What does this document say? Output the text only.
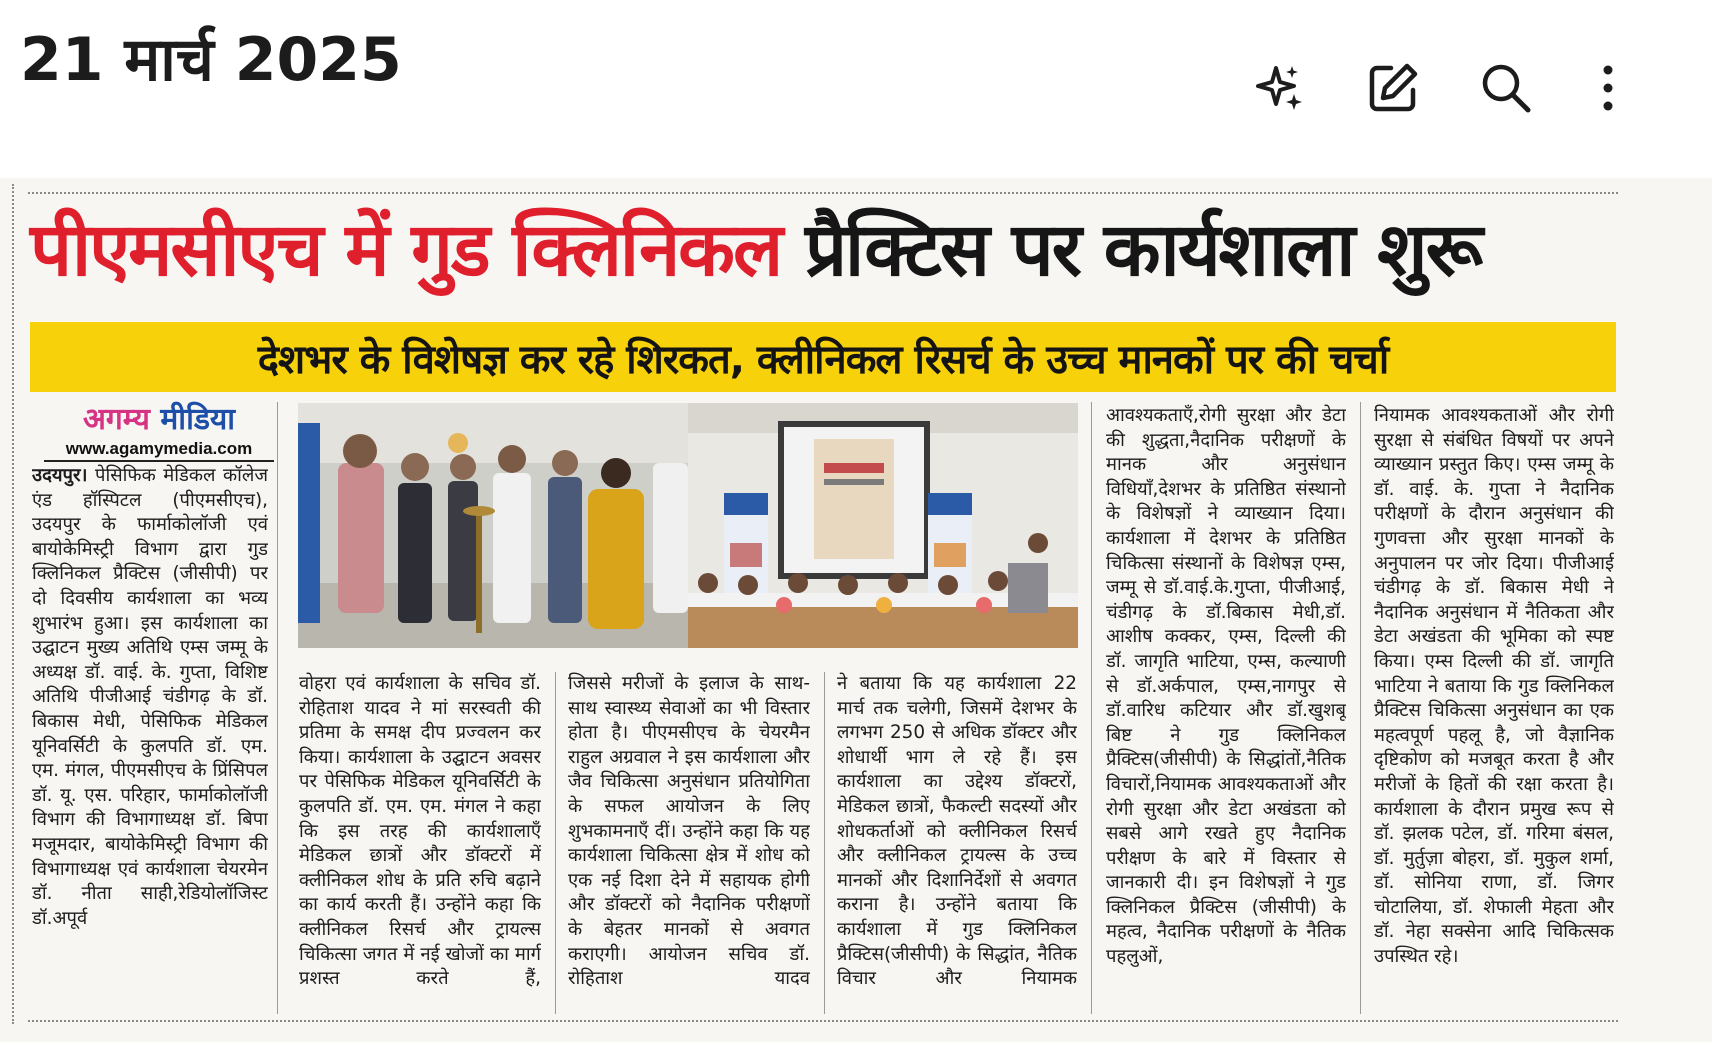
21 मार्च 2025
पीएमसीएच में गुड क्लिनिकल प्रैक्टिस पर कार्यशाला शुरू
देशभर के विशेषज्ञ कर रहे शिरकत, क्लीनिकल रिसर्च के उच्च मानकों पर की चर्चा
अगम्य मीडिया
www.agamymedia.com

उदयपुर। पेसिफिक मेडिकल कॉलेज एंड हॉस्पिटल (पीएमसीएच), उदयपुर के फार्माकोलॉजी एवं बायोकेमिस्ट्री विभाग द्वारा गुड क्लिनिकल प्रैक्टिस (जीसीपी) पर दो दिवसीय कार्यशाला का भव्य शुभारंभ हुआ। इस कार्यशाला का उद्घाटन मुख्य अतिथि एम्स जम्मू के अध्यक्ष डॉ. वाई. के. गुप्ता, विशिष्ट अतिथि पीजीआई चंडीगढ़ के डॉ. बिकास मेधी, पेसिफिक मेडिकल यूनिवर्सिटी के कुलपति डॉ. एम. एम. मंगल, पीएमसीएच के प्रिंसिपल डॉ. यू. एस. परिहार, फार्माकोलॉजी विभाग की विभागाध्यक्ष डॉ. बिपा मजूमदार, बायोकेमिस्ट्री विभाग की विभागाध्यक्ष एवं कार्यशाला चेयरमेन डॉ. नीता साही,रेडियोलॉजिस्ट डॉ.अपूर्व

वोहरा एवं कार्यशाला के सचिव डॉ. रोहिताश यादव ने मां सरस्वती की प्रतिमा के समक्ष दीप प्रज्वलन कर किया। कार्यशाला के उद्घाटन अवसर पर पेसिफिक मेडिकल यूनिवर्सिटी के कुलपति डॉ. एम. एम. मंगल ने कहा कि इस तरह की कार्यशालाएँ मेडिकल छात्रों और डॉक्टरों में क्लीनिकल शोध के प्रति रुचि बढ़ाने का कार्य करती हैं। उन्होंने कहा कि क्लीनिकल रिसर्च और ट्रायल्स चिकित्सा जगत में नई खोजों का मार्ग प्रशस्त करते हैं,

जिससे मरीजों के इलाज के साथ-साथ स्वास्थ्य सेवाओं का भी विस्तार होता है। पीएमसीएच के चेयरमैन राहुल अग्रवाल ने इस कार्यशाला और जैव चिकित्सा अनुसंधान प्रतियोगिता के सफल आयोजन के लिए शुभकामनाएँ दीं। उन्होंने कहा कि यह कार्यशाला चिकित्सा क्षेत्र में शोध को एक नई दिशा देने में सहायक होगी और डॉक्टरों को नैदानिक परीक्षणों के बेहतर मानकों से अवगत कराएगी। आयोजन सचिव डॉ. रोहिताश यादव

ने बताया कि यह कार्यशाला 22 मार्च तक चलेगी, जिसमें देशभर के लगभग 250 से अधिक डॉक्टर और शोधार्थी भाग ले रहे हैं। इस कार्यशाला का उद्देश्य डॉक्टरों, मेडिकल छात्रों, फैकल्टी सदस्यों और शोधकर्ताओं को क्लीनिकल रिसर्च और क्लीनिकल ट्रायल्स के उच्च मानकों और दिशानिर्देशों से अवगत कराना है। उन्होंने बताया कि कार्यशाला में गुड क्लिनिकल प्रैक्टिस(जीसीपी) के सिद्धांत, नैतिक विचार और नियामक

आवश्यकताएँ,रोगी सुरक्षा और डेटा की शुद्धता,नैदानिक परीक्षणों के मानक और अनुसंधान विधियाँ,देशभर के प्रतिष्ठित संस्थानो के विशेषज्ञों ने व्याख्यान दिया। कार्यशाला में देशभर के प्रतिष्ठित चिकित्सा संस्थानों के विशेषज्ञ एम्स, जम्मू से डॉ.वाई.के.गुप्ता, पीजीआई, चंडीगढ़ के डॉ.बिकास मेधी,डॉ. आशीष कक्कर, एम्स, दिल्ली की डॉ. जागृति भाटिया, एम्स, कल्याणी से डॉ.अर्कपाल, एम्स,नागपुर से डॉ.वारिध कटियार और डॉ.खुशबू बिष्ट ने गुड क्लिनिकल प्रैक्टिस(जीसीपी) के सिद्धांतों,नैतिक विचारों,नियामक आवश्यकताओं और रोगी सुरक्षा और डेटा अखंडता को सबसे आगे रखते हुए नैदानिक परीक्षण के बारे में विस्तार से जानकारी दी। इन विशेषज्ञों ने गुड क्लिनिकल प्रैक्टिस (जीसीपी) के महत्व, नैदानिक परीक्षणों के नैतिक पहलुओं,

नियामक आवश्यकताओं और रोगी सुरक्षा से संबंधित विषयों पर अपने व्याख्यान प्रस्तुत किए। एम्स जम्मू के डॉ. वाई. के. गुप्ता ने नैदानिक परीक्षणों के दौरान अनुसंधान की गुणवत्ता और सुरक्षा मानकों के अनुपालन पर जोर दिया। पीजीआई चंडीगढ़ के डॉ. बिकास मेधी ने नैदानिक अनुसंधान में नैतिकता और डेटा अखंडता की भूमिका को स्पष्ट किया। एम्स दिल्ली की डॉ. जागृति भाटिया ने बताया कि गुड क्लिनिकल प्रैक्टिस चिकित्सा अनुसंधान का एक महत्वपूर्ण पहलू है, जो वैज्ञानिक दृष्टिकोण को मजबूत करता है और मरीजों के हितों की रक्षा करता है। कार्यशाला के दौरान प्रमुख रूप से डॉ. झलक पटेल, डॉ. गरिमा बंसल, डॉ. मुर्तुज़ा बोहरा, डॉ. मुकुल शर्मा, डॉ. सोनिया राणा, डॉ. जिगर चोटालिया, डॉ. शेफाली मेहता और डॉ. नेहा सक्सेना आदि चिकित्सक उपस्थित रहे।
